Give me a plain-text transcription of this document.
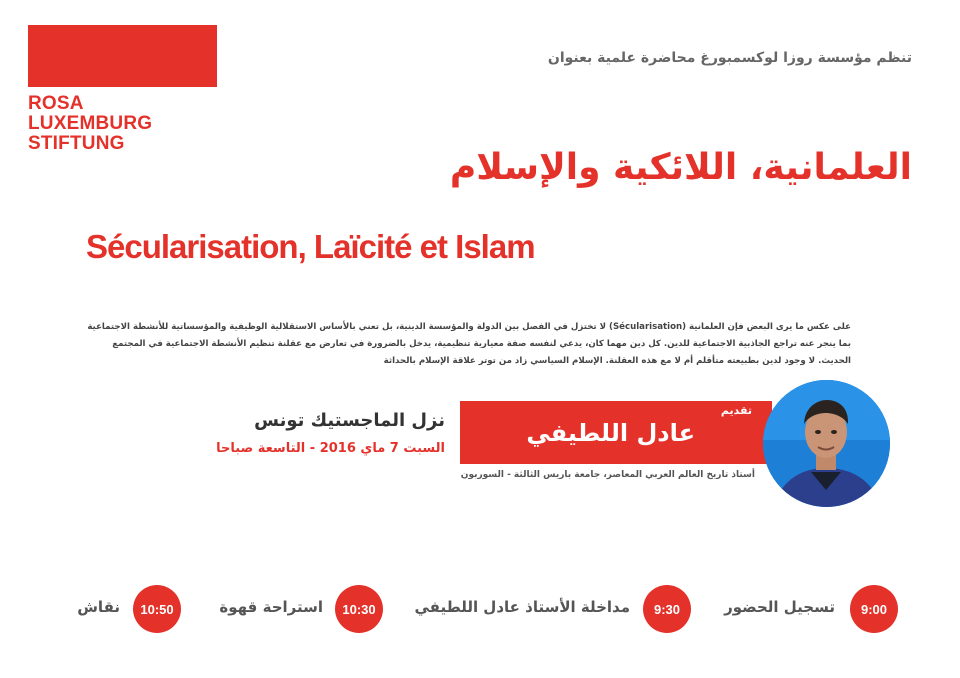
ROSA
LUXEMBURG
STIFTUNG
تنظم مؤسسة روزا لوكسمبورغ محاضرة علمية بعنوان
العلمانية، اللائكية والإسلام
Sécularisation, Laïcité et Islam
على عكس ما يرى البعض فإن العلمانية (Sécularisation) لا تختزل في الفصل بين الدولة والمؤسسة الدينية، بل تعني بالأساس الاستقلالية الوظيفية والمؤسساتية للأنشطة الاجتماعية بما ينجر عنه تراجع الجاذبية الاجتماعية للدين. كل دين مهما كان، يدعي لنفسه صفة معيارية تنظيمية، يدخل بالضرورة في تعارض مع عقلنة تنظيم الأنشطة الاجتماعية في المجتمع الحديث. لا وجود لدين بطبيعته متأقلم أم لا مع هذه العقلنة. الإسلام السياسي زاد من توتر علاقة الإسلام بالحداثة
نزل الماجستيك تونس
السبت 7 ماي 2016 - التاسعة صباحا
تقديم
عادل اللطيفي
أستاذ تاريخ العالم العربي المعاصر، جامعة باريس الثالثة - السوربون
9:00
تسجيل الحضور
9:30
مداخلة الأستاذ عادل اللطيفي
10:30
استراحة قهوة
10:50
نقاش
